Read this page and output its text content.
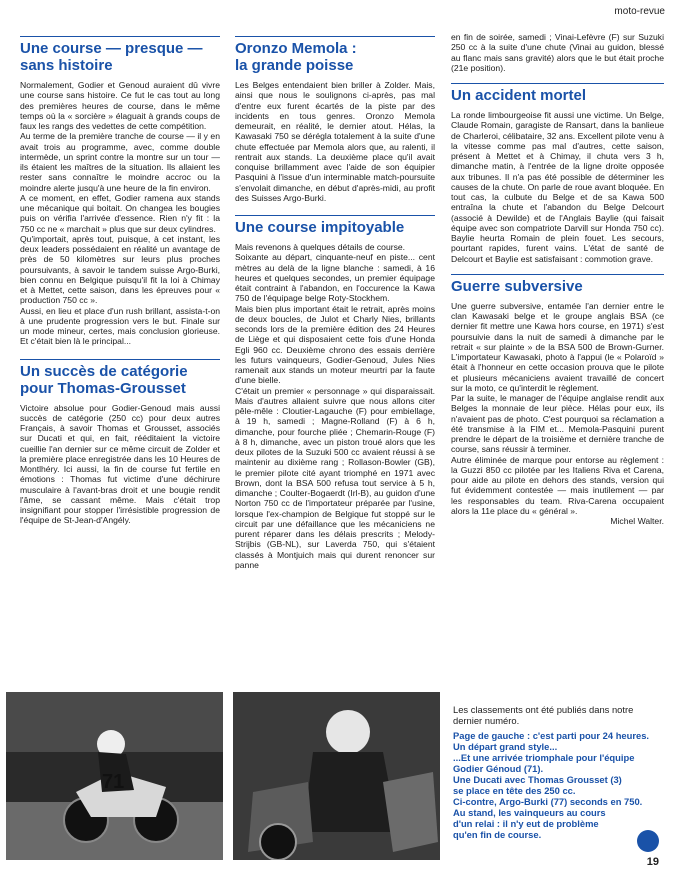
moto-revue
Une course — presque —
sans histoire

Normalement, Godier et Genoud auraient dû vivre une course sans histoire. Ce fut le cas tout au long des premières heures de course, dans le même temps où la « sorcière » élaguait à grands coups de faux les rangs des vedettes de cette compétition.
Au terme de la première tranche de course — il y en avait trois au programme, avec, comme double intermède, un sprint contre la montre sur un tour — ils étaient les maîtres de la situation. Ils allaient les rester sans connaître le moindre accroc ou la moindre alerte jusqu'à une heure de la fin environ.
A ce moment, en effet, Godier ramena aux stands une mécanique qui boitait. On changea les bougies puis on vérifia l'arrivée d'essence. Rien n'y fit : la 750 cc ne « marchait » plus que sur deux cylindres.
Qu'importait, après tout, puisque, à cet instant, les deux leaders possédaient en réalité un avantage de près de 50 kilomètres sur leurs plus proches poursuivants, à savoir le tandem suisse Argo-Burki, bien connu en Belgique puisqu'il fit la loi à Chimay et à Mettet, cette saison, dans les épreuves pour « production 750 cc ».
Aussi, en lieu et place d'un rush brillant, assista-t-on à une prudente progression vers le but. Finale sur un mode mineur, certes, mais conclusion glorieuse. Et c'était bien là le principal...

Un succès de catégorie
pour Thomas-Grousset

Victoire absolue pour Godier-Genoud mais aussi succès de catégorie (250 cc) pour deux autres Français, à savoir Thomas et Grousset, associés sur Ducati et qui, en fait, rééditaient la victoire cueillie l'an dernier sur ce même circuit de Zolder et la première place enregistrée dans les 10 Heures de Montlhéry. Ici aussi, la fin de course fut fertile en émotions : Thomas fut victime d'une déchirure musculaire à l'avant-bras droit et une bougie rendit l'âme, se cassant même. Mais c'était trop insignifiant pour stopper l'irrésistible progression de l'équipe de St-Jean-d'Angély.

Oronzo Memola :
la grande poisse

Les Belges entendaient bien briller à Zolder. Mais, ainsi que nous le soulignons ci-après, pas mal d'entre eux furent écartés de la piste par des incidents en tous genres. Oronzo Memola demeurait, en réalité, le dernier atout. Hélas, la Kawasaki 750 se dérégla totalement à la suite d'une chute effectuée par Memola alors que, au ralenti, il rentrait aux stands. La deuxième place qu'il avait conquise brillamment avec l'aide de son équipier Pasquini à l'issue d'un interminable match-poursuite s'envolait dimanche, en début d'après-midi, au profit des Suisses Argo-Burki.

Une course impitoyable

Mais revenons à quelques détails de course.
Soixante au départ, cinquante-neuf en piste... cent mètres au delà de la ligne blanche : samedi, à 16 heures et quelques secondes, un premier équipage était contraint à l'abandon, en l'occurence la Kawa 750 de l'équipage belge Roty-Stockhem.
Mais bien plus important était le retrait, après moins de deux boucles, de Julot et Charly Nies, brillants seconds lors de la première édition des 24 Heures de Liège et qui disposaient cette fois d'une Honda Egli 960 cc. Deuxième chrono des essais derrière les futurs vainqueurs, Godier-Genoud, Jules Nies ramenait aux stands un moteur meurtri par la faute d'une bielle.
C'était un premier « personnage » qui disparaissait. Mais d'autres allaient suivre que nous allons citer pêle-mêle : Cloutier-Lagauche (F) pour embiellage, à 19 h, samedi ; Magne-Rolland (F) à 6 h, dimanche, pour fourche pliée ; Chemarin-Rouge (F) à 8 h, dimanche, avec un piston troué alors que les deux pilotes de la Suzuki 500 cc avaient réussi à se maintenir au dixième rang ; Rollason-Bowler (GB), le premier pilote cité ayant triomphé en 1971 avec Brown, dont la BSA 500 refusa tout service à 5 h, dimanche ; Coulter-Bogaerdt (Irl-B), au guidon d'une Norton 750 cc de l'importateur préparée par l'usine, lorsque l'ex-champion de Belgique fut stoppé sur le circuit par une défaillance que les mécaniciens ne purent réparer dans les délais prescrits ; Melody-Strijbis (GB-NL), sur Laverda 750, qui s'étaient classés à Montjuich mais qui durent renoncer sur panne

en fin de soirée, samedi ; Vinai-Lefèvre (F) sur Suzuki 250 cc à la suite d'une chute (Vinai au guidon, blessé au flanc mais sans gravité) alors que le but était proche (21e position).

Un accident mortel

La ronde limbourgeoise fit aussi une victime. Un Belge, Claude Romain, garagiste de Ransart, dans la banlieue de Charleroi, célibataire, 32 ans. Excellent pilote venu à la vitesse comme pas mal d'autres, cette saison, présent à Mettet et à Chimay, il chuta vers 3 h, dimanche matin, à l'entrée de la ligne droite opposée aux tribunes. Il n'a pas été possible de déterminer les causes de la chute. On parle de roue avant bloquée. En tout cas, la culbute du Belge et de sa Kawa 500 entraîna la chute et l'abandon du Belge Delcourt (associé à Dewilde) et de l'Anglais Baylie (qui faisait équipe avec son compatriote Darvill sur Honda 750 cc). Baylie heurta Romain de plein fouet. Les secours, pourtant rapides, furent vains. L'état de santé de Delcourt et Baylie est satisfaisant : commotion grave.

Guerre subversive

Une guerre subversive, entamée l'an dernier entre le clan Kawasaki belge et le groupe anglais BSA (ce dernier fit mettre une Kawa hors course, en 1971) s'est poursuivie dans la nuit de samedi à dimanche par le retrait « sur plainte » de la BSA 500 de Brown-Gurner. L'importateur Kawasaki, photo à l'appui (le « Polaroïd » était à l'honneur en cette occasion prouva que le pilote et plusieurs mécaniciens avaient travaillé de concert sur la moto, ce qu'interdit le règlement.
Par la suite, le manager de l'équipe anglaise rendit aux Belges la monnaie de leur pièce. Hélas pour eux, ils n'avaient pas de photo. C'est pourquoi sa réclamation a été transmise à la FIM et... Memola-Pasquini purent prendre le départ de la troisième et dernière tranche de course, sans réussir à terminer.
Autre éliminée de marque pour entorse au règlement : la Guzzi 850 cc pilotée par les Italiens Riva et Carena, pour aide au pilote en dehors des stands, version qui fut évidemment contestée — mais inutilement — par les responsables du team. Riva-Carena occupaient alors la 11e place du « général ».

Michel Walter.

71
Les classements ont été publiés dans notre dernier numéro.
Page de gauche : c'est parti pour 24 heures.
Un départ grand style...
...Et une arrivée triomphale pour l'équipe
Godier Génoud (71).
Une Ducati avec Thomas Grousset (3)
se place en tête des 250 cc.
Ci-contre, Argo-Burki (77) seconds en 750.
Au stand, les vainqueurs au cours
d'un relai : il n'y eut de problème
qu'en fin de course.
19
